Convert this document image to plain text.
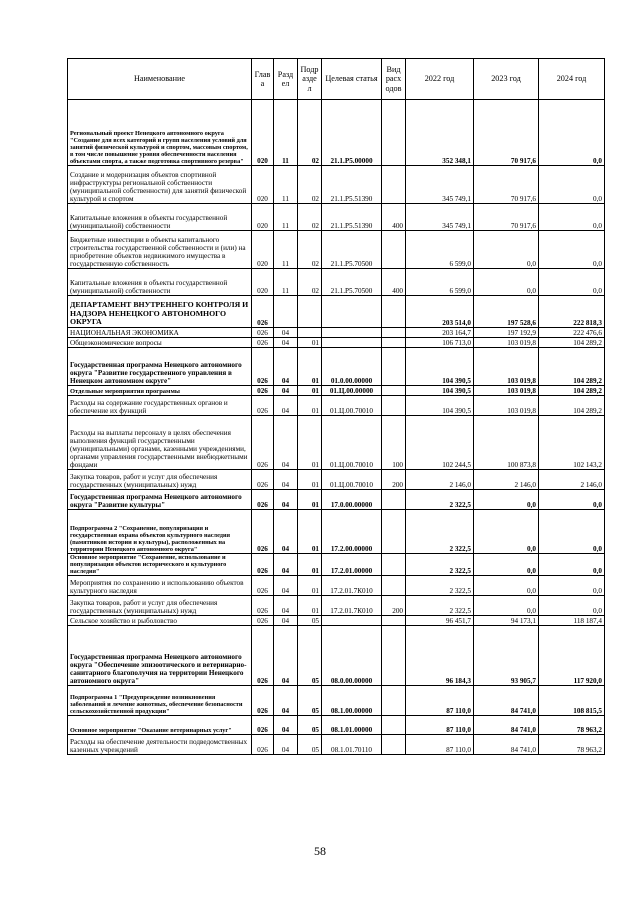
Наименование	Глав а	Разд ел	Подр азде л	Целевая статья	Вид расх одов	2022 год	2023 год	2024 год
Региональный проект Ненецкого автономного округа "Создание для всех категорий и групп населения условий для занятий физической культурой и спортом, массовым спортом, в том числе повышение уровня обеспеченности населения объектами спорта, а также подготовка спортивного резерва"	020	11	02	21.1.Р5.00000		352 348,1	70 917,6	0,0
Создание и модернизация объектов спортивной инфраструктуры региональной собственности (муниципальной собственности) для занятий физической культурой и спортом	020	11	02	21.1.Р5.51390		345 749,1	70 917,6	0,0
Капитальные вложения в объекты государственной (муниципальной) собственности	020	11	02	21.1.Р5.51390	400	345 749,1	70 917,6	0,0
Бюджетные инвестиции в объекты капитального строительства государственной собственности и (или) на приобретение объектов недвижимого имущества в государственную собственность	020	11	02	21.1.Р5.70500		6 599,0	0,0	0,0
Капитальные вложения в объекты государственной (муниципальной) собственности	020	11	02	21.1.Р5.70500	400	6 599,0	0,0	0,0
ДЕПАРТАМЕНТ ВНУТРЕННЕГО КОНТРОЛЯ И НАДЗОРА НЕНЕЦКОГО АВТОНОМНОГО ОКРУГА	026					203 514,0	197 528,6	222 818,3
НАЦИОНАЛЬНАЯ ЭКОНОМИКА	026	04				203 164,7	197 192,9	222 476,6
Общеэкономические вопросы	026	04	01			106 713,0	103 019,8	104 289,2
Государственная программа Ненецкого автономного округа "Развитие государственного управления в Ненецком автономном округе"	026	04	01	01.0.00.00000		104 390,5	103 019,8	104 289,2
Отдельные мероприятия программы	026	04	01	01.Ц.00.00000		104 390,5	103 019,8	104 289,2
Расходы на содержание государственных органов и обеспечение их функций	026	04	01	01.Ц.00.70010		104 390,5	103 019,8	104 289,2
Расходы на выплаты персоналу в целях обеспечения выполнения функций государственными (муниципальными) органами, казенными учреждениями, органами управления государственными внебюджетными фондами	026	04	01	01.Ц.00.70010	100	102 244,5	100 873,8	102 143,2
Закупка товаров, работ и услуг для обеспечения государственных (муниципальных) нужд	026	04	01	01.Ц.00.70010	200	2 146,0	2 146,0	2 146,0
Государственная программа Ненецкого автономного округа "Развитие культуры"	026	04	01	17.0.00.00000		2 322,5	0,0	0,0
Подпрограмма 2 "Сохранение, популяризация и государственная охрана объектов культурного наследия (памятников истории и культуры), расположенных на территории Ненецкого автономного округа"	026	04	01	17.2.00.00000		2 322,5	0,0	0,0
Основное мероприятие "Сохранение, использование и популяризация объектов исторического и культурного наследия"	026	04	01	17.2.01.00000		2 322,5	0,0	0,0
Мероприятия по сохранению и использованию объектов культурного наследия	026	04	01	17.2.01.7К010		2 322,5	0,0	0,0
Закупка товаров, работ и услуг для обеспечения государственных (муниципальных) нужд	026	04	01	17.2.01.7К010	200	2 322,5	0,0	0,0
Сельское хозяйство и рыболовство	026	04	05			96 451,7	94 173,1	118 187,4
Государственная программа Ненецкого автономного округа "Обеспечение эпизоотического и ветеринарно-санитарного благополучия на территории Ненецкого автономного округа"	026	04	05	08.0.00.00000		96 184,3	93 905,7	117 920,0
Подпрограмма 1 "Предупреждение возникновения заболеваний и лечение животных, обеспечение безопасности сельскохозяйственной продукции"	026	04	05	08.1.00.00000		87 110,0	84 741,0	108 815,5
Основное мероприятие "Оказание ветеринарных услуг"	026	04	05	08.1.01.00000		87 110,0	84 741,0	78 963,2
Расходы на обеспечение деятельности подведомственных казенных учреждений	026	04	05	08.1.01.70110		87 110,0	84 741,0	78 963,2
58
